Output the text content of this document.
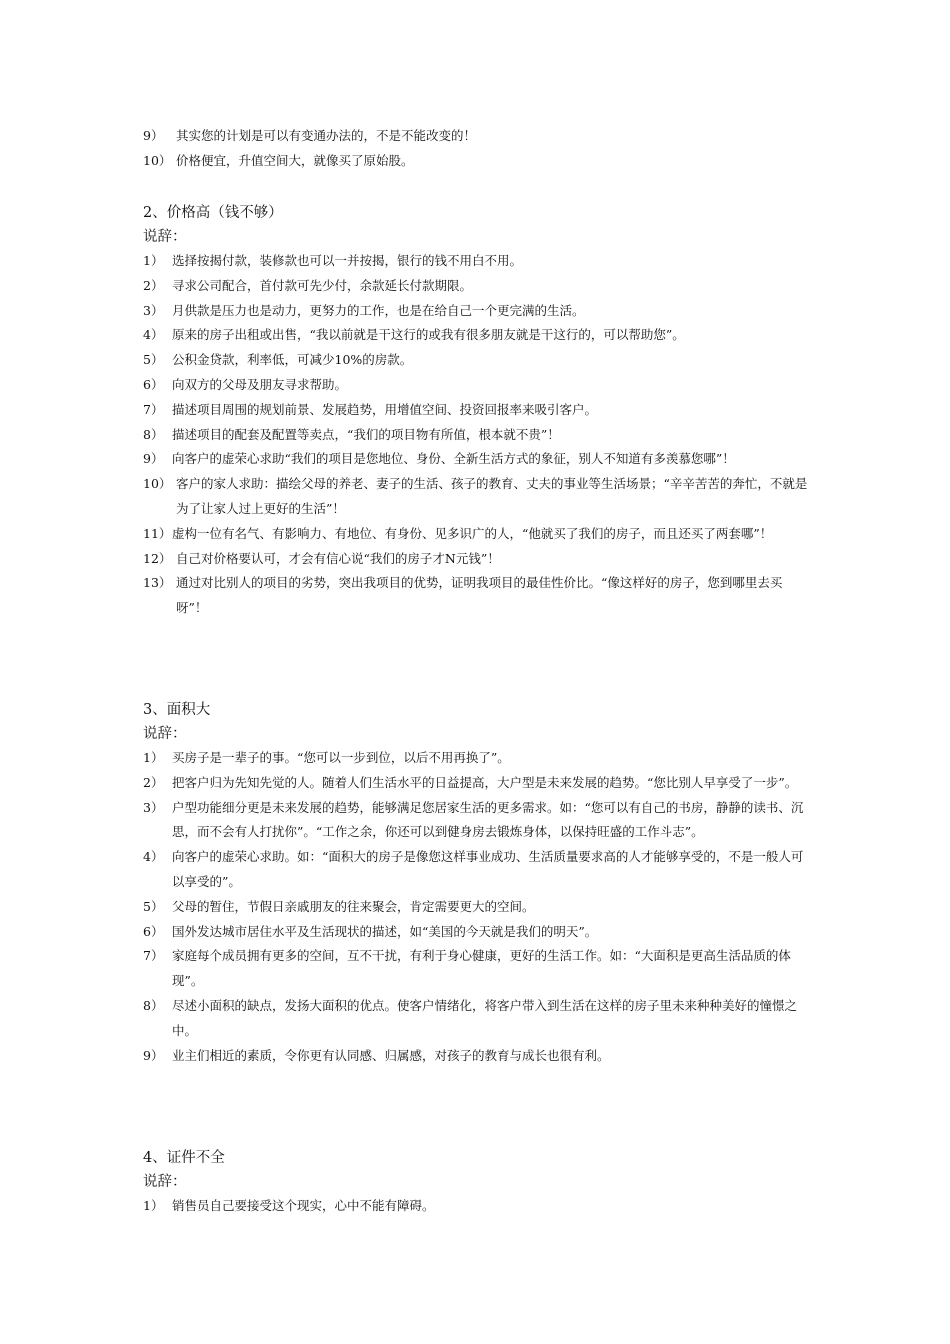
9） 其实您的计划是可以有变通办法的，不是不能改变的！

10） 价格便宜，升值空间大，就像买了原始股。

2、价格高（钱不够）

说辞：

1） 选择按揭付款，装修款也可以一并按揭，银行的钱不用白不用。

2） 寻求公司配合，首付款可先少付，余款延长付款期限。

3） 月供款是压力也是动力，更努力的工作，也是在给自己一个更完满的生活。

4） 原来的房子出租或出售，“我以前就是干这行的或我有很多朋友就是干这行的，可以帮助您”。

5） 公积金贷款，利率低，可减少10%的房款。

6） 向双方的父母及朋友寻求帮助。

7） 描述项目周围的规划前景、发展趋势，用增值空间、投资回报率来吸引客户。

8） 描述项目的配套及配置等卖点，“我们的项目物有所值，根本就不贵”！

9） 向客户的虚荣心求助“我们的项目是您地位、身份、全新生活方式的象征，别人不知道有多羡慕您哪”！

10） 客户的家人求助：描绘父母的养老、妻子的生活、孩子的教育、丈夫的事业等生活场景；“辛辛苦苦的奔忙，不就是为了让家人过上更好的生活”！

11） 虚构一位有名气、有影响力、有地位、有身份、见多识广的人，“他就买了我们的房子，而且还买了两套哪”！

12） 自己对价格要认可，才会有信心说“我们的房子才N元钱”！

13） 通过对比别人的项目的劣势，突出我项目的优势，证明我项目的最佳性价比。“像这样好的房子，您到哪里去买呀”！

3、面积大

说辞：

1） 买房子是一辈子的事。“您可以一步到位，以后不用再换了”。

2） 把客户归为先知先觉的人。随着人们生活水平的日益提高，大户型是未来发展的趋势。“您比别人早享受了一步”。

3） 户型功能细分更是未来发展的趋势，能够满足您居家生活的更多需求。如：“您可以有自己的书房，静静的读书、沉思，而不会有人打扰你”。“工作之余，你还可以到健身房去锻炼身体，以保持旺盛的工作斗志”。

4） 向客户的虚荣心求助。如：“面积大的房子是像您这样事业成功、生活质量要求高的人才能够享受的，不是一般人可以享受的”。

5） 父母的暂住，节假日亲戚朋友的往来聚会，肯定需要更大的空间。

6） 国外发达城市居住水平及生活现状的描述，如“美国的今天就是我们的明天”。

7） 家庭每个成员拥有更多的空间，互不干扰，有利于身心健康，更好的生活工作。如：“大面积是更高生活品质的体现”。

8） 尽述小面积的缺点，发扬大面积的优点。使客户情绪化，将客户带入到生活在这样的房子里未来种种美好的憧憬之中。

9） 业主们相近的素质，令你更有认同感、归属感，对孩子的教育与成长也很有利。

4、证件不全

说辞：

1） 销售员自己要接受这个现实，心中不能有障碍。
